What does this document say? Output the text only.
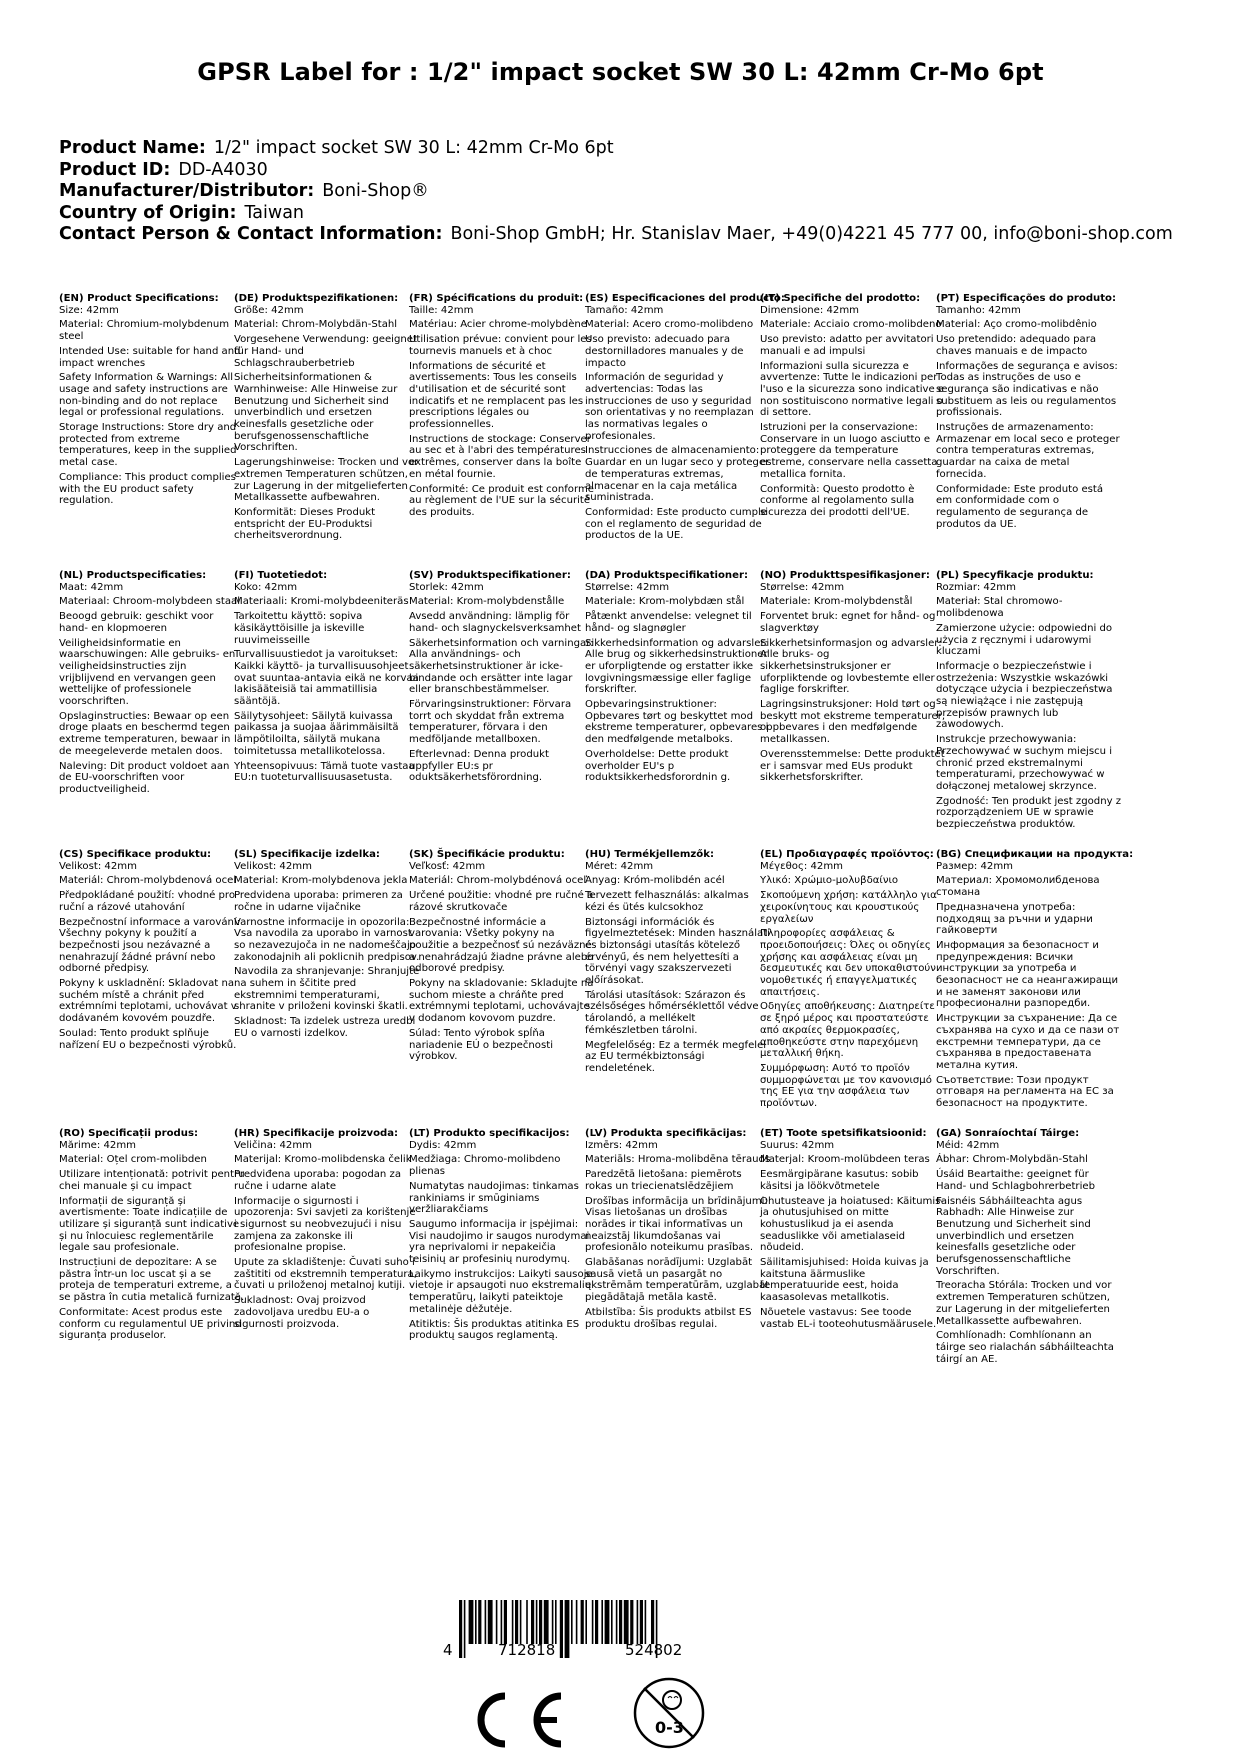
GPSR Label for : 1/2" impact socket SW 30 L: 42mm Cr-Mo 6pt
Product Name: 1/2" impact socket SW 30 L: 42mm Cr-Mo 6pt
Product ID: DD-A4030
Manufacturer/Distributor: Boni-Shop®
Country of Origin: Taiwan
Contact Person & Contact Information: Boni-Shop GmbH; Hr. Stanislav Maer, +49(0)4221 45 777 00, info@boni-shop.com
(EN) Product Specifications:
Size: 42mm
Material: Chromium-molybdenum steel
Intended Use: suitable for hand and impact wrenches
Safety Information & Warnings: All usage and safety instructions are non-binding and do not replace legal or professional regulations.
Storage Instructions: Store dry and protected from extreme temperatures, keep in the supplied metal case.
Compliance: This product complies with the EU product safety regulation.
(DE) Produktspezifikationen:
Größe: 42mm
Material: Chrom-Molybdän-Stahl
Vorgesehene Verwendung: geeignet für Hand- und Schlagschrauberbetrieb
Sicherheitsinformationen & Warnhinweise: Alle Hinweise zur Benutzung und Sicherheit sind unverbindlich und ersetzen keinesfalls gesetzliche oder berufsgenossenschaftliche Vorschriften.
Lagerungshinweise: Trocken und vor extremen Temperaturen schützen, zur Lagerung in der mitgelieferten Metallkassette aufbewahren.
Konformität: Dieses Produkt entspricht der EU-Produktsi cherheitsverordnung.
(FR) Spécifications du produit:
Taille: 42mm
Matériau: Acier chrome-molybdène
Utilisation prévue: convient pour les tournevis manuels et à choc
Informations de sécurité et avertissements: Tous les conseils d'utilisation et de sécurité sont indicatifs et ne remplacent pas les prescriptions légales ou professionnelles.
Instructions de stockage: Conserver au sec et à l'abri des températures extrêmes, conserver dans la boîte en métal fournie.
Conformité: Ce produit est conforme au règlement de l'UE sur la sécurité des produits.
(ES) Especificaciones del producto:
Tamaño: 42mm
Material: Acero cromo-molibdeno
Uso previsto: adecuado para destornilladores manuales y de impacto
Información de seguridad y advertencias: Todas las instrucciones de uso y seguridad son orientativas y no reemplazan las normativas legales o profesionales.
Instrucciones de almacenamiento: Guardar en un lugar seco y proteger de temperaturas extremas, almacenar en la caja metálica suministrada.
Conformidad: Este producto cumple con el reglamento de seguridad de productos de la UE.
(IT) Specifiche del prodotto:
Dimensione: 42mm
Materiale: Acciaio cromo-molibdeno
Uso previsto: adatto per avvitatori manuali e ad impulsi
Informazioni sulla sicurezza e avvertenze: Tutte le indicazioni per l'uso e la sicurezza sono indicative e non sostituiscono normative legali o di settore.
Istruzioni per la conservazione: Conservare in un luogo asciutto e proteggere da temperature estreme, conservare nella cassetta metallica fornita.
Conformità: Questo prodotto è conforme al regolamento sulla sicurezza dei prodotti dell'UE.
(PT) Especificações do produto:
Tamanho: 42mm
Material: Aço cromo-molibdênio
Uso pretendido: adequado para chaves manuais e de impacto
Informações de segurança e avisos: Todas as instruções de uso e segurança são indicativas e não substituem as leis ou regulamentos profissionais.
Instruções de armazenamento: Armazenar em local seco e proteger contra temperaturas extremas, guardar na caixa de metal fornecida.
Conformidade: Este produto está em conformidade com o regulamento de segurança de produtos da UE.
(NL) Productspecificaties:
Maat: 42mm
Materiaal: Chroom-molybdeen staal
Beoogd gebruik: geschikt voor hand- en klopmoeren
Veiligheidsinformatie en waarschuwingen: Alle gebruiks- en veiligheidsinstructies zijn vrijblijvend en vervangen geen wettelijke of professionele voorschriften.
Opslaginstructies: Bewaar op een droge plaats en beschermd tegen extreme temperaturen, bewaar in de meegeleverde metalen doos.
Naleving: Dit product voldoet aan de EU-voorschriften voor productveiligheid.
(FI) Tuotetiedot:
Koko: 42mm
Materiaali: Kromi-molybdeeniteräs
Tarkoitettu käyttö: sopiva käsikäyttöisille ja iskeville ruuvimeisseille
Turvallisuustiedot ja varoitukset: Kaikki käyttö- ja turvallisuusohjeet ovat suuntaa-antavia eikä ne korvaa lakisääteisiä tai ammatillisia sääntöjä.
Säilytysohjeet: Säilytä kuivassa paikassa ja suojaa äärimmäisiltä lämpötiloilta, säilytä mukana toimitetussa metallikotelossa.
Yhteensopivuus: Tämä tuote vastaa EU:n tuoteturvallisuusasetusta.
(SV) Produktspecifikationer:
Storlek: 42mm
Material: Krom-molybdenstålle
Avsedd användning: lämplig för hand- och slagnyckelsverksamhet
Säkerhetsinformation och varningar: Alla användnings- och säkerhetsinstruktioner är icke-bindande och ersätter inte lagar eller branschbestämmelser.
Förvaringsinstruktioner: Förvara torrt och skyddat från extrema temperaturer, förvara i den medföljande metallboxen.
Efterlevnad: Denna produkt uppfyller EU:s pr oduktsäkerhetsförordning.
(DA) Produktspecifikationer:
Størrelse: 42mm
Materiale: Krom-molybdæn stål
Påtænkt anvendelse: velegnet til hånd- og slagnøgler
Sikkerhedsinformation og advarsler: Alle brug og sikkerhedsinstruktioner er uforpligtende og erstatter ikke lovgivningsmæssige eller faglige forskrifter.
Opbevaringsinstruktioner: Opbevares tørt og beskyttet mod ekstreme temperaturer, opbevares i den medfølgende metalboks.
Overholdelse: Dette produkt overholder EU's p roduktsikkerhedsforordnin g.
(NO) Produkttspesifikasjoner:
Størrelse: 42mm
Materiale: Krom-molybdenstål
Forventet bruk: egnet for hånd- og slagverktøy
Sikkerhetsinformasjon og advarsler: Alle bruks- og sikkerhetsinstruksjoner er uforpliktende og lovbestemte eller faglige forskrifter.
Lagringsinstruksjoner: Hold tørt og beskytt mot ekstreme temperaturer, oppbevares i den medfølgende metallkassen.
Overensstemmelse: Dette produktet er i samsvar med EUs produkt sikkerhetsforskrifter.
(PL) Specyfikacje produktu:
Rozmiar: 42mm
Materiał: Stal chromowo-molibdenowa
Zamierzone użycie: odpowiedni do użycia z ręcznymi i udarowymi kluczami
Informacje o bezpieczeństwie i ostrzeżenia: Wszystkie wskazówki dotyczące użycia i bezpieczeństwa są niewiążące i nie zastępują przepisów prawnych lub zawodowych.
Instrukcje przechowywania: Przechowywać w suchym miejscu i chronić przed ekstremalnymi temperaturami, przechowywać w dołączonej metalowej skrzynce.
Zgodność: Ten produkt jest zgodny z rozporządzeniem UE w sprawie bezpieczeństwa produktów.
(CS) Specifikace produktu:
Velikost: 42mm
Materiál: Chrom-molybdenová ocel
Předpokládané použití: vhodné pro ruční a rázové utahování
Bezpečnostní informace a varování: Všechny pokyny k použití a bezpečnosti jsou nezávazné a nenahrazují žádné právní nebo odborné předpisy.
Pokyny k uskladnění: Skladovat na suchém místě a chránit před extrémními teplotami, uchovávat v dodávaném kovovém pouzdře.
Soulad: Tento produkt splňuje nařízení EU o bezpečnosti výrobků.
(SL) Specifikacije izdelka:
Velikost: 42mm
Material: Krom-molybdenova jekla
Predvidena uporaba: primeren za ročne in udarne vijačnike
Varnostne informacije in opozorila: Vsa navodila za uporabo in varnost so nezavezujoča in ne nadomeščajo zakonodajnih ali poklicnih predpisov.
Navodila za shranjevanje: Shranjujte na suhem in ščitite pred ekstremnimi temperaturami, shranite v priloženi kovinski škatli.
Skladnost: Ta izdelek ustreza uredbi EU o varnosti izdelkov.
(SK) Špecifikácie produktu:
Veľkosť: 42mm
Materiál: Chrom-molybdénová oceľ
Určené použitie: vhodné pre ručné a rázové skrutkovače
Bezpečnostné informácie a varovania: Všetky pokyny na použitie a bezpečnosť sú nezáväzné a nenahrádzajú žiadne právne alebo odborové predpisy.
Pokyny na skladovanie: Skladujte na suchom mieste a chráňte pred extrémnymi teplotami, uchovávajte v dodanom kovovom puzdre.
Súlad: Tento výrobok spĺňa nariadenie EÚ o bezpečnosti výrobkov.
(HU) Termékjellemzők:
Méret: 42mm
Anyag: Króm-molibdén acél
Tervezett felhasználás: alkalmas kézi és ütés kulcsokhoz
Biztonsági információk és figyelmeztetések: Minden használati és biztonsági utasítás kötelező érvényű, és nem helyettesíti a törvényi vagy szakszervezeti előírásokat.
Tárolási utasítások: Szárazon és szélsőséges hőmérséklettől védve tárolandó, a mellékelt fémkészletben tárolni.
Megfelelőség: Ez a termék megfelel az EU termékbiztonsági rendeletének.
(EL) Προδιαγραφές προϊόντος:
Μέγεθος: 42mm
Υλικό: Χρώμιο-μολυβδαίνιο
Σκοπούμενη χρήση: κατάλληλο για χειροκίνητους και κρουστικούς εργαλείων
Πληροφορίες ασφάλειας & προειδοποιήσεις: Όλες οι οδηγίες χρήσης και ασφάλειας είναι μη δεσμευτικές και δεν υποκαθιστούν νομοθετικές ή επαγγελματικές απαιτήσεις.
Οδηγίες αποθήκευσης: Διατηρείτε σε ξηρό μέρος και προστατεύστε από ακραίες θερμοκρασίες, αποθηκεύστε στην παρεχόμενη μεταλλική θήκη.
Συμμόρφωση: Αυτό το προϊόν συμμορφώνεται με τον κανονισμό της ΕΕ για την ασφάλεια των προϊόντων.
(BG) Спецификации на продукта:
Размер: 42mm
Материал: Хромомолибденова стомана
Предназначена употреба: подходящ за ръчни и ударни гайковерти
Информация за безопасност и предупреждения: Всички инструкции за употреба и безопасност не са неангажиращи и не заменят законови или професионални разпоредби.
Инструкции за съхранение: Да се съхранява на сухо и да се пази от екстремни температури, да се съхранява в предоставената метална кутия.
Съответствие: Този продукт отговаря на регламента на ЕС за безопасност на продуктите.
(RO) Specificații produs:
Mărime: 42mm
Material: Oțel crom-molibden
Utilizare intenționată: potrivit pentru chei manuale și cu impact
Informații de siguranță și avertismente: Toate indicațiile de utilizare și siguranță sunt indicative și nu înlocuiesc reglementările legale sau profesionale.
Instrucțiuni de depozitare: A se păstra într-un loc uscat și a se proteja de temperaturi extreme, a se păstra în cutia metalică furnizată.
Conformitate: Acest produs este conform cu regulamentul UE privind siguranța produselor.
(HR) Specifikacije proizvoda:
Veličina: 42mm
Materijal: Kromo-molibdenska čelik
Predviđena uporaba: pogodan za ručne i udarne alate
Informacije o sigurnosti i upozorenja: Svi savjeti za korištenje i sigurnost su neobvezujući i nisu zamjena za zakonske ili profesionalne propise.
Upute za skladištenje: Čuvati suho i zaštititi od ekstremnih temperatura, čuvati u priloženoj metalnoj kutiji.
Sukladnost: Ovaj proizvod zadovoljava uredbu EU-a o sigurnosti proizvoda.
(LT) Produkto specifikacijos:
Dydis: 42mm
Medžiaga: Chromo-molibdeno plienas
Numatytas naudojimas: tinkamas rankiniams ir smūginiams veržliarakčiams
Saugumo informacija ir įspėjimai: Visi naudojimo ir saugos nurodymai yra neprivalomi ir nepakeičia teisinių ar profesinių nurodymų.
Laikymo instrukcijos: Laikyti sausoje vietoje ir apsaugoti nuo ekstremalių temperatūrų, laikyti pateiktoje metalinėje dėžutėje.
Atitiktis: Šis produktas atitinka ES produktų saugos reglamentą.
(LV) Produkta specifikācijas:
Izmērs: 42mm
Materiāls: Hroma-molibdēna tērauds
Paredzētā lietošana: piemērots rokas un triecienatslēdzējiem
Drošības informācija un brīdinājumi: Visas lietošanas un drošības norādes ir tikai informatīvas un neaizstāj likumdošanas vai profesionālo noteikumu prasības.
Glabāšanas norādījumi: Uzglabāt sausā vietā un pasargāt no ekstrēmām temperatūrām, uzglabāt piegādātajā metāla kastē.
Atbilstība: Šis produkts atbilst ES produktu drošības regulai.
(ET) Toote spetsifikatsioonid:
Suurus: 42mm
Materjal: Kroom-molübdeen teras
Eesmärgipärane kasutus: sobib käsitsi ja löökvõtmetele
Ohutusteave ja hoiatused: Käitumis- ja ohutusjuhised on mitte kohustuslikud ja ei asenda seaduslikke või ametialaseid nõudeid.
Säilitamisjuhised: Hoida kuivas ja kaitstuna äärmuslike temperatuuride eest, hoida kaasasolevas metallkotis.
Nõuetele vastavus: See toode vastab EL-i tooteohutusmäärusele.
(GA) Sonraíochtaí Táirge:
Méid: 42mm
Ábhar: Chrom-Molybdän-Stahl
Úsáid Beartaithe: geeignet für Hand- und Schlagbohrerbetrieb
Faisnéis Sábháilteachta agus Rabhadh: Alle Hinweise zur Benutzung und Sicherheit sind unverbindlich und ersetzen keinesfalls gesetzliche oder berufsgenossenschaftliche Vorschriften.
Treoracha Stórála: Trocken und vor extremen Temperaturen schützen, zur Lagerung in der mitgelieferten Metallkassette aufbewahren.
Comhlíonadh: Comhlíonann an táirge seo rialachán sábháilteachta táirgí an AE.
4	712818	524802
0-3
